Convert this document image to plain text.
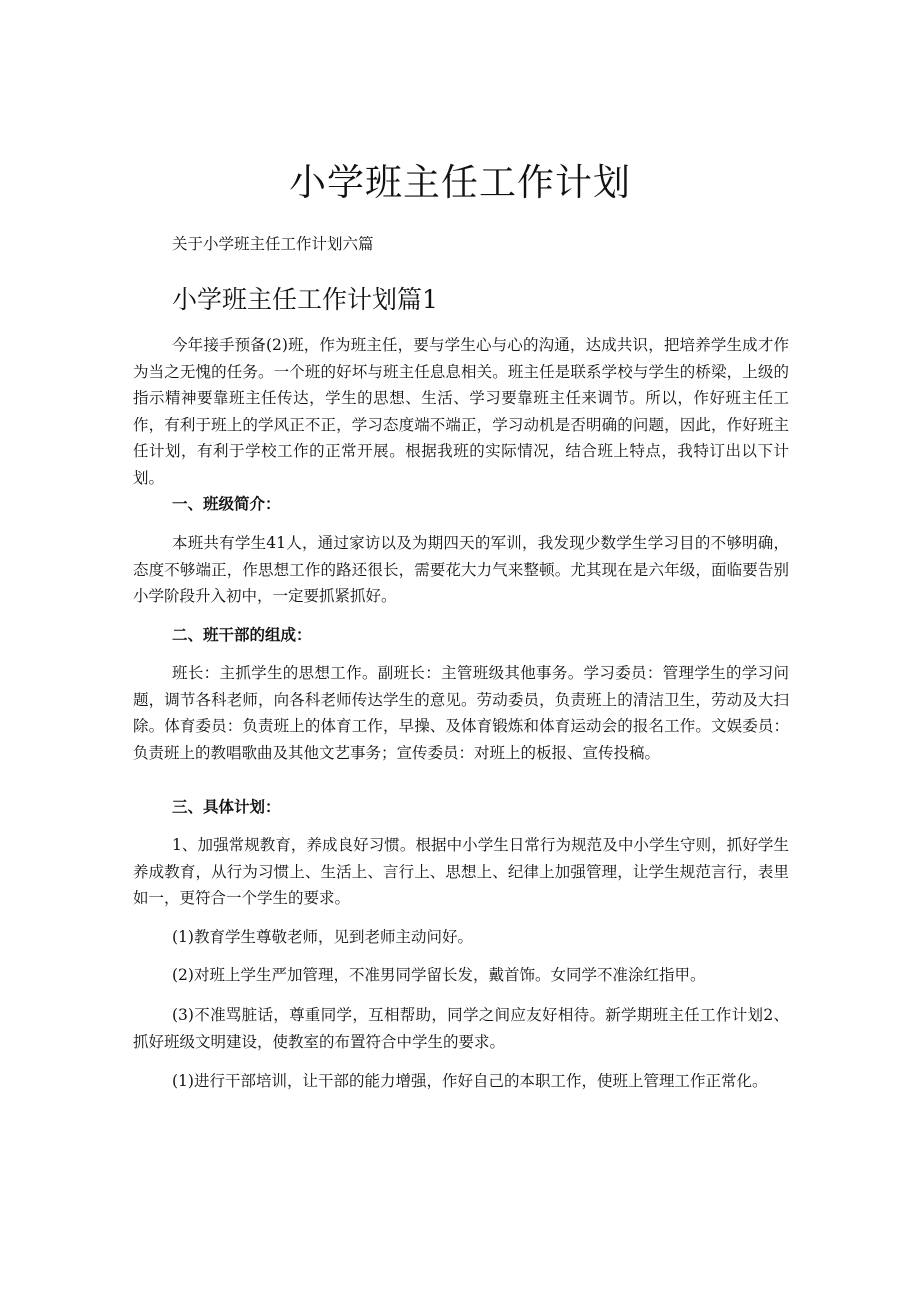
小学班主任工作计划

关于小学班主任工作计划六篇

小学班主任工作计划篇1

今年接手预备(2)班，作为班主任，要与学生心与心的沟通，达成共识，把培养学生成才作为当之无愧的任务。一个班的好坏与班主任息息相关。班主任是联系学校与学生的桥梁，上级的指示精神要靠班主任传达，学生的思想、生活、学习要靠班主任来调节。所以，作好班主任工作，有利于班上的学风正不正，学习态度端不端正，学习动机是否明确的问题，因此，作好班主任计划，有利于学校工作的正常开展。根据我班的实际情况，结合班上特点，我特订出以下计划。

一、班级简介：

本班共有学生41人，通过家访以及为期四天的军训，我发现少数学生学习目的不够明确，态度不够端正，作思想工作的路还很长，需要花大力气来整顿。尤其现在是六年级，面临要告别小学阶段升入初中，一定要抓紧抓好。

二、班干部的组成：

班长：主抓学生的思想工作。副班长：主管班级其他事务。学习委员：管理学生的学习问题，调节各科老师，向各科老师传达学生的意见。劳动委员，负责班上的清洁卫生，劳动及大扫除。体育委员：负责班上的体育工作，早操、及体育锻炼和体育运动会的报名工作。文娱委员：负责班上的教唱歌曲及其他文艺事务；宣传委员：对班上的板报、宣传投稿。

三、具体计划：

1、加强常规教育，养成良好习惯。根据中小学生日常行为规范及中小学生守则，抓好学生养成教育，从行为习惯上、生活上、言行上、思想上、纪律上加强管理，让学生规范言行，表里如一，更符合一个学生的要求。

(1)教育学生尊敬老师，见到老师主动问好。

(2)对班上学生严加管理，不准男同学留长发，戴首饰。女同学不准涂红指甲。

(3)不准骂脏话，尊重同学，互相帮助，同学之间应友好相待。新学期班主任工作计划2、抓好班级文明建设，使教室的布置符合中学生的要求。

(1)进行干部培训，让干部的能力增强，作好自己的本职工作，使班上管理工作正常化。
